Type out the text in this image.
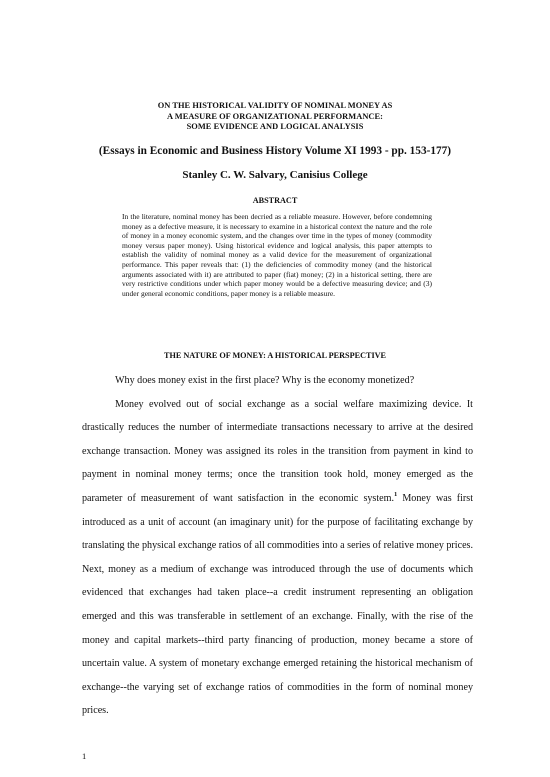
ON THE HISTORICAL VALIDITY OF NOMINAL MONEY AS
A MEASURE OF ORGANIZATIONAL PERFORMANCE:
SOME EVIDENCE AND LOGICAL ANALYSIS
(Essays in Economic and Business History Volume XI 1993 - pp. 153-177)
Stanley C. W. Salvary, Canisius College
ABSTRACT
In the literature, nominal money has been decried as a reliable measure. However, before condemning money as a defective measure, it is necessary to examine in a historical context the nature and the role of money in a money economic system, and the changes over time in the types of money (commodity money versus paper money). Using historical evidence and logical analysis, this paper attempts to establish the validity of nominal money as a valid device for the measurement of organizational performance. This paper reveals that: (1) the deficiencies of commodity money (and the historical arguments associated with it) are attributed to paper (fiat) money; (2) in a historical setting, there are very restrictive conditions under which paper money would be a defective measuring device; and (3) under general economic conditions, paper money is a reliable measure.
THE NATURE OF MONEY: A HISTORICAL PERSPECTIVE

Why does money exist in the first place? Why is the economy monetized?

Money evolved out of social exchange as a social welfare maximizing device. It drastically reduces the number of intermediate transactions necessary to arrive at the desired exchange transaction. Money was assigned its roles in the transition from payment in kind to payment in nominal money terms; once the transition took hold, money emerged as the parameter of measurement of want satisfaction in the economic system.$^1$ Money was first introduced as a unit of account (an imaginary unit) for the purpose of facilitating exchange by translating the physical exchange ratios of all commodities into a series of relative money prices. Next, money as a medium of exchange was introduced through the use of documents which evidenced that exchanges had taken place--a credit instrument representing an obligation emerged and this was transferable in settlement of an exchange. Finally, with the rise of the money and capital markets--third party financing of production, money became a store of uncertain value. A system of monetary exchange emerged retaining the historical mechanism of exchange--the varying set of exchange ratios of commodities in the form of nominal money prices.

1
